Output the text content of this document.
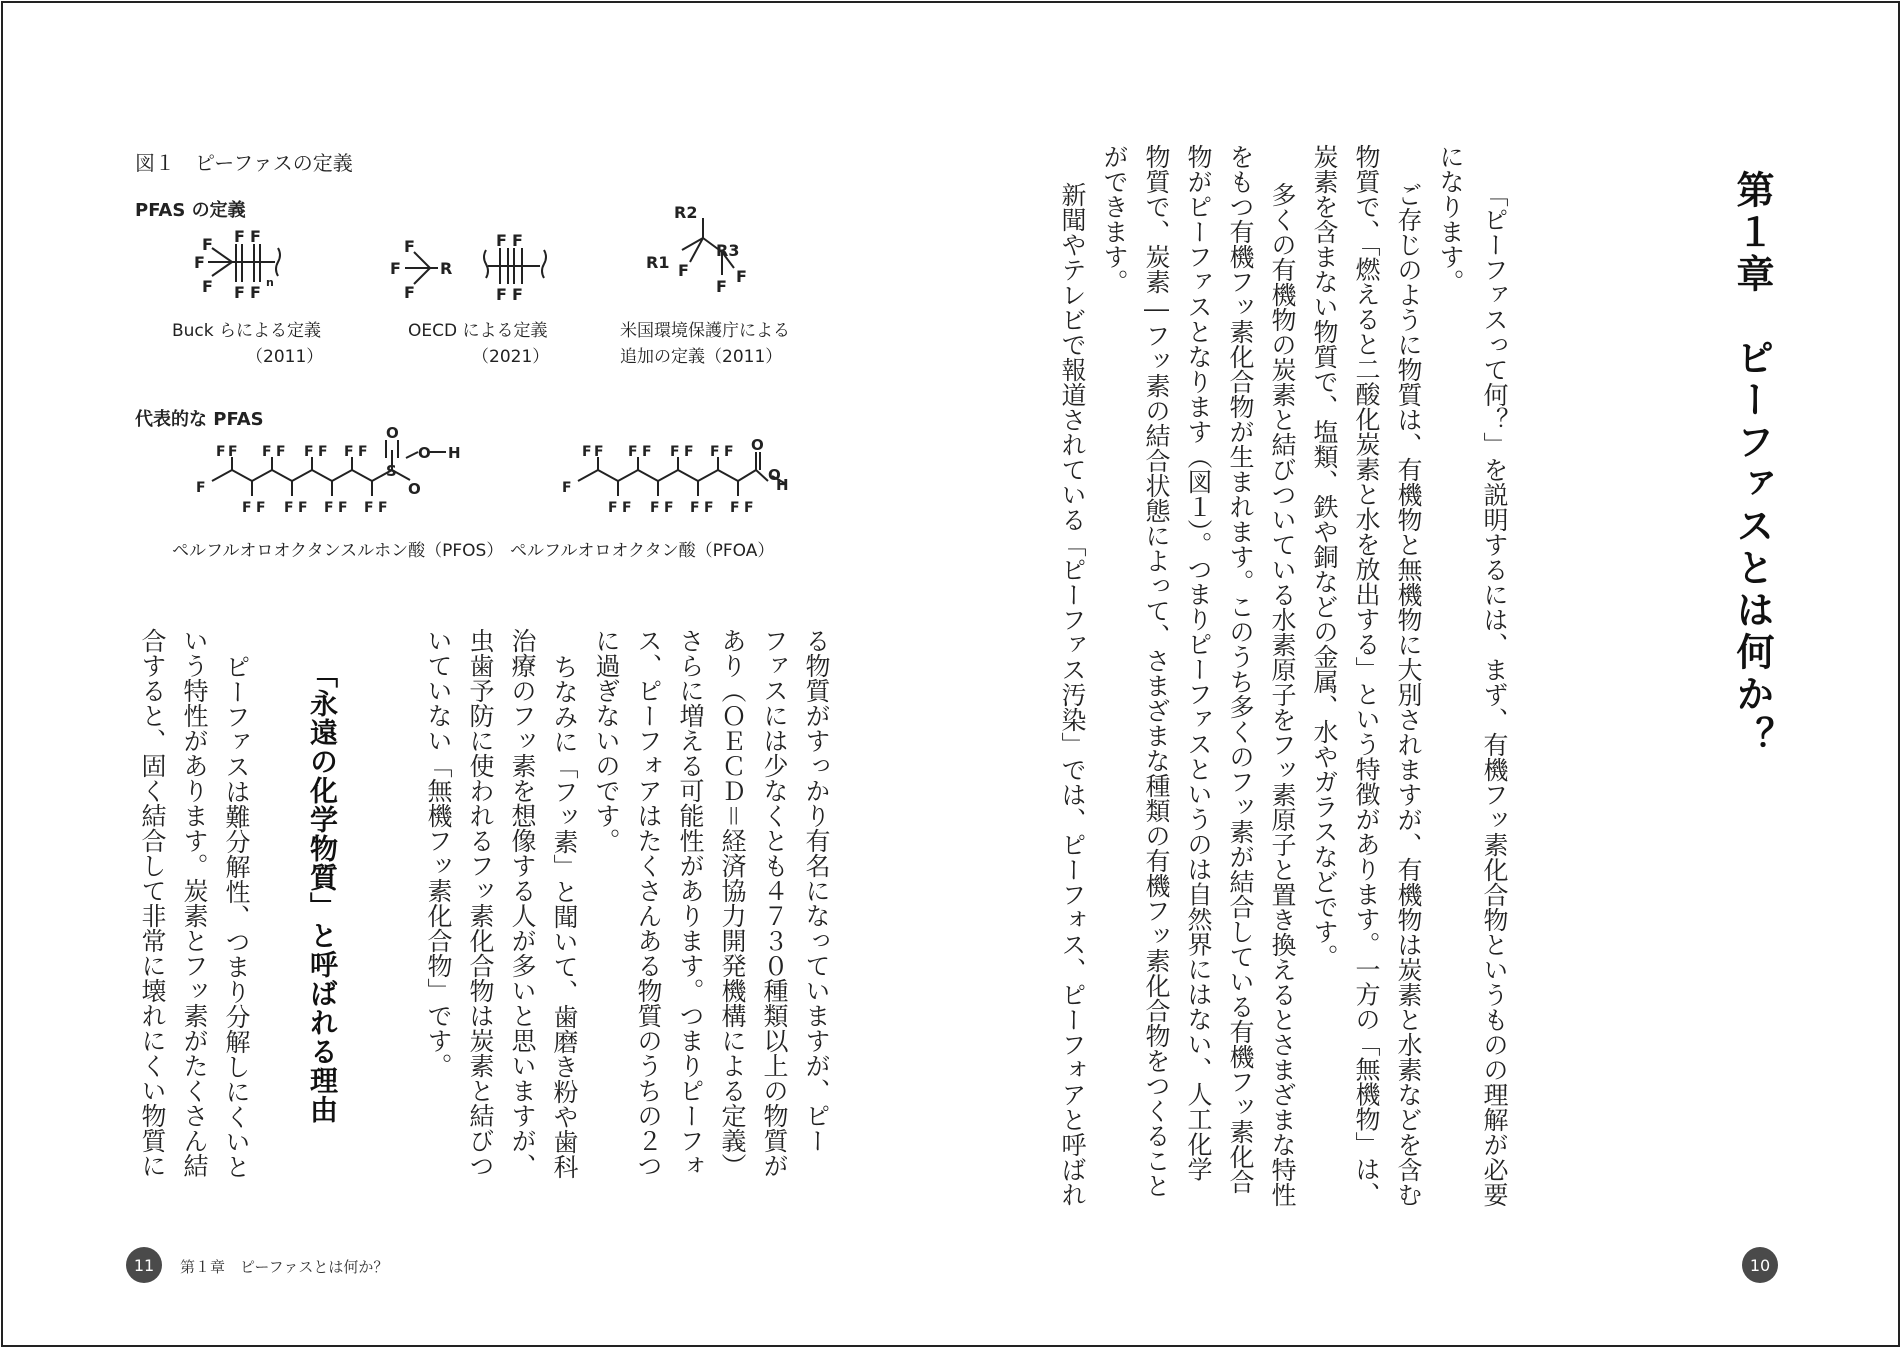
第１章　ピーファスとは何か？
「ピーファスって何？」を説明するには、まず、有機フッ素化合物というものの理解が必要
になります。
ご存じのように物質は、有機物と無機物に大別されますが、有機物は炭素と水素などを含む
物質で、「燃えると二酸化炭素と水を放出する」という特徴があります。一方の「無機物」は、
炭素を含まない物質で、塩類、鉄や銅などの金属、水やガラスなどです。
多くの有機物の炭素と結びついている水素原子をフッ素原子と置き換えるとさまざまな特性
をもつ有機フッ素化合物が生まれます。このうち多くのフッ素が結合している有機フッ素化合
物がピーファスとなります（図１）。つまりピーファスというのは自然界にはない、人工化学
物質で、炭素―フッ素の結合状態によって、さまざまな種類の有機フッ素化合物をつくること
ができます。
新聞やテレビで報道されている「ピーファス汚染」では、ピーフォス、ピーフォアと呼ばれ
10
図１　ピーファスの定義
PFAS の定義
代表的な PFAS
F
F
F
F F
F F
n
F
F
F
R
F F
F F
R2
R1
R3
F
F
F
F
F F
F F
F F
F F
F F
F F
F F
F F
S
O
O
O H
F
F F
F F
F F
F F
F F
F F
F F
F F
O
O
H
Buck らによる定義
（2011）
OECD による定義
（2021）
米国環境保護庁による
追加の定義（2011）
ペルフルオロオクタンスルホン酸（PFOS） ペルフルオロオクタン酸（PFOA）
る物質がすっかり有名になっていますが、ピー
ファスには少なくとも４７３０種類以上の物質が
あり（ＯＥＣＤ＝経済協力開発機構による定義）
さらに増える可能性があります。つまりピーフォ
ス、ピーフォアはたくさんある物質のうちの２つ
に過ぎないのです。
ちなみに「フッ素」と聞いて、歯磨き粉や歯科
治療のフッ素を想像する人が多いと思いますが、
虫歯予防に使われるフッ素化合物は炭素と結びつ
いていない「無機フッ素化合物」です。
「永遠の化学物質」と呼ばれる理由
ピーファスは難分解性、つまり分解しにくいと
いう特性があります。炭素とフッ素がたくさん結
合すると、固く結合して非常に壊れにくい物質に
11	第１章　ピーファスとは何か？
